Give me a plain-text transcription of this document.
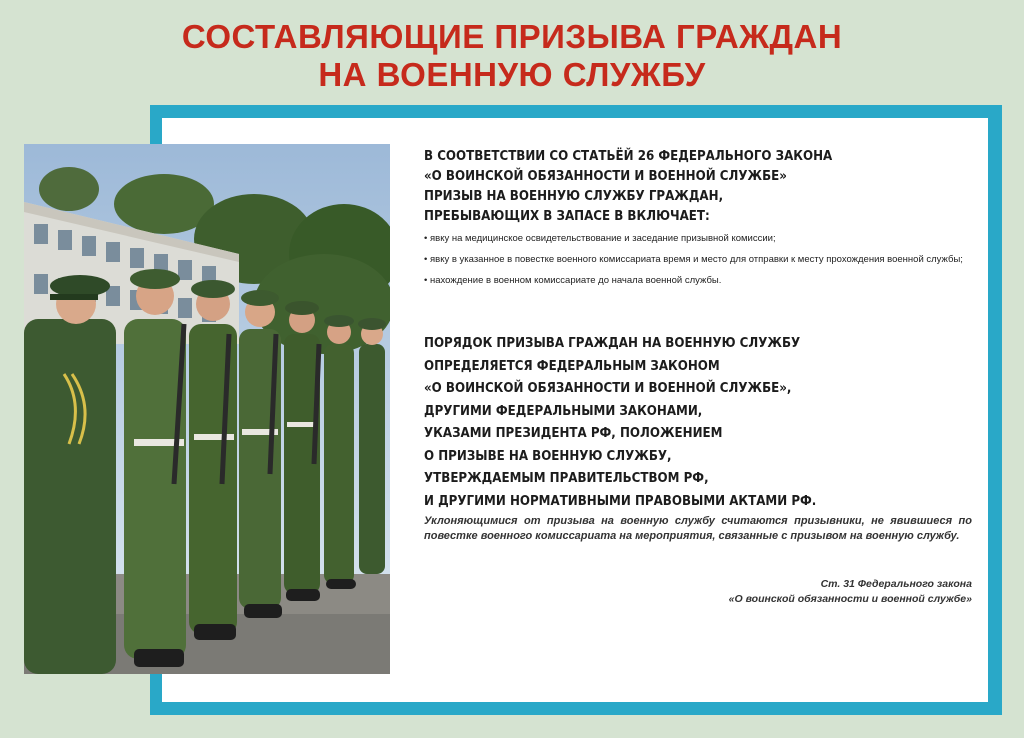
СОСТАВЛЯЮЩИЕ ПРИЗЫВА ГРАЖДАН
НА ВОЕННУЮ СЛУЖБУ
В СООТВЕТСТВИИ СО СТАТЬЁЙ 26 ФЕДЕРАЛЬНОГО ЗАКОНА
«О ВОИНСКОЙ ОБЯЗАННОСТИ И ВОЕННОЙ СЛУЖБЕ»
ПРИЗЫВ НА ВОЕННУЮ СЛУЖБУ ГРАЖДАН,
ПРЕБЫВАЮЩИХ В ЗАПАСЕ В ВКЛЮЧАЕТ:
• явку на медицинское освидетельствование и заседание призывной комиссии;
• явку в указанное в повестке военного комиссариата время и место для отправки к месту прохождения военной службы;
• нахождение в военном комиссариате до начала военной службы.
ПОРЯДОК ПРИЗЫВА ГРАЖДАН НА ВОЕННУЮ СЛУЖБУ
ОПРЕДЕЛЯЕТСЯ ФЕДЕРАЛЬНЫМ ЗАКОНОМ
«О ВОИНСКОЙ ОБЯЗАННОСТИ И ВОЕННОЙ СЛУЖБЕ»,
ДРУГИМИ ФЕДЕРАЛЬНЫМИ ЗАКОНАМИ,
УКАЗАМИ ПРЕЗИДЕНТА РФ, ПОЛОЖЕНИЕМ
О ПРИЗЫВЕ НА ВОЕННУЮ СЛУЖБУ,
УТВЕРЖДАЕМЫМ ПРАВИТЕЛЬСТВОМ РФ,
И ДРУГИМИ НОРМАТИВНЫМИ ПРАВОВЫМИ АКТАМИ РФ.
Уклоняющимися от призыва на военную службу считаются призывники, не явившиеся по повестке военного комиссариата на мероприятия, связанные с призывом на военную службу.
Ст. 31 Федерального закона
«О воинской обязанности и военной службе»
